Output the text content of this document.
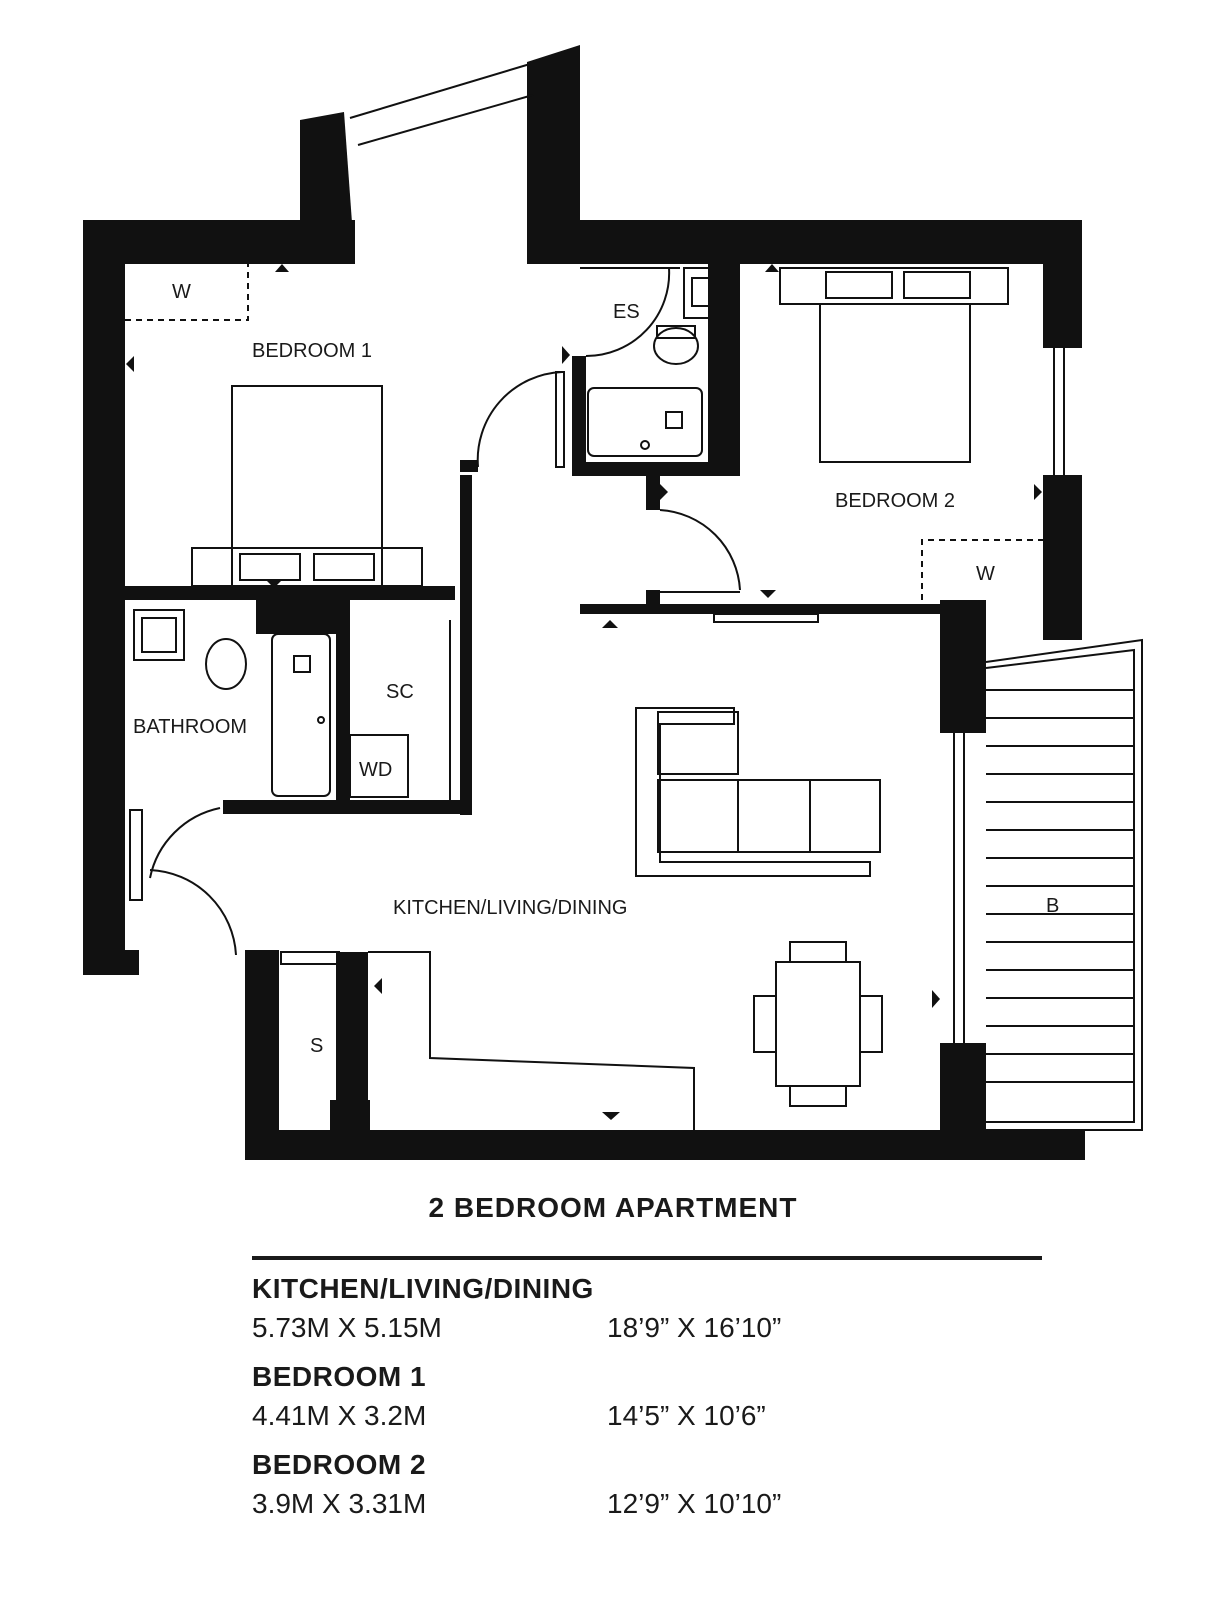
BEDROOM 1
BEDROOM 2
BATHROOM
KITCHEN/LIVING/DINING
ES
SC
WD
S
B
W
W
2 BEDROOM APARTMENT
KITCHEN/LIVING/DINING
5.73M X 5.15M	18’9” X 16’10”
BEDROOM 1
4.41M X 3.2M	14’5” X 10’6”
BEDROOM 2
3.9M X 3.31M	12’9” X 10’10”
